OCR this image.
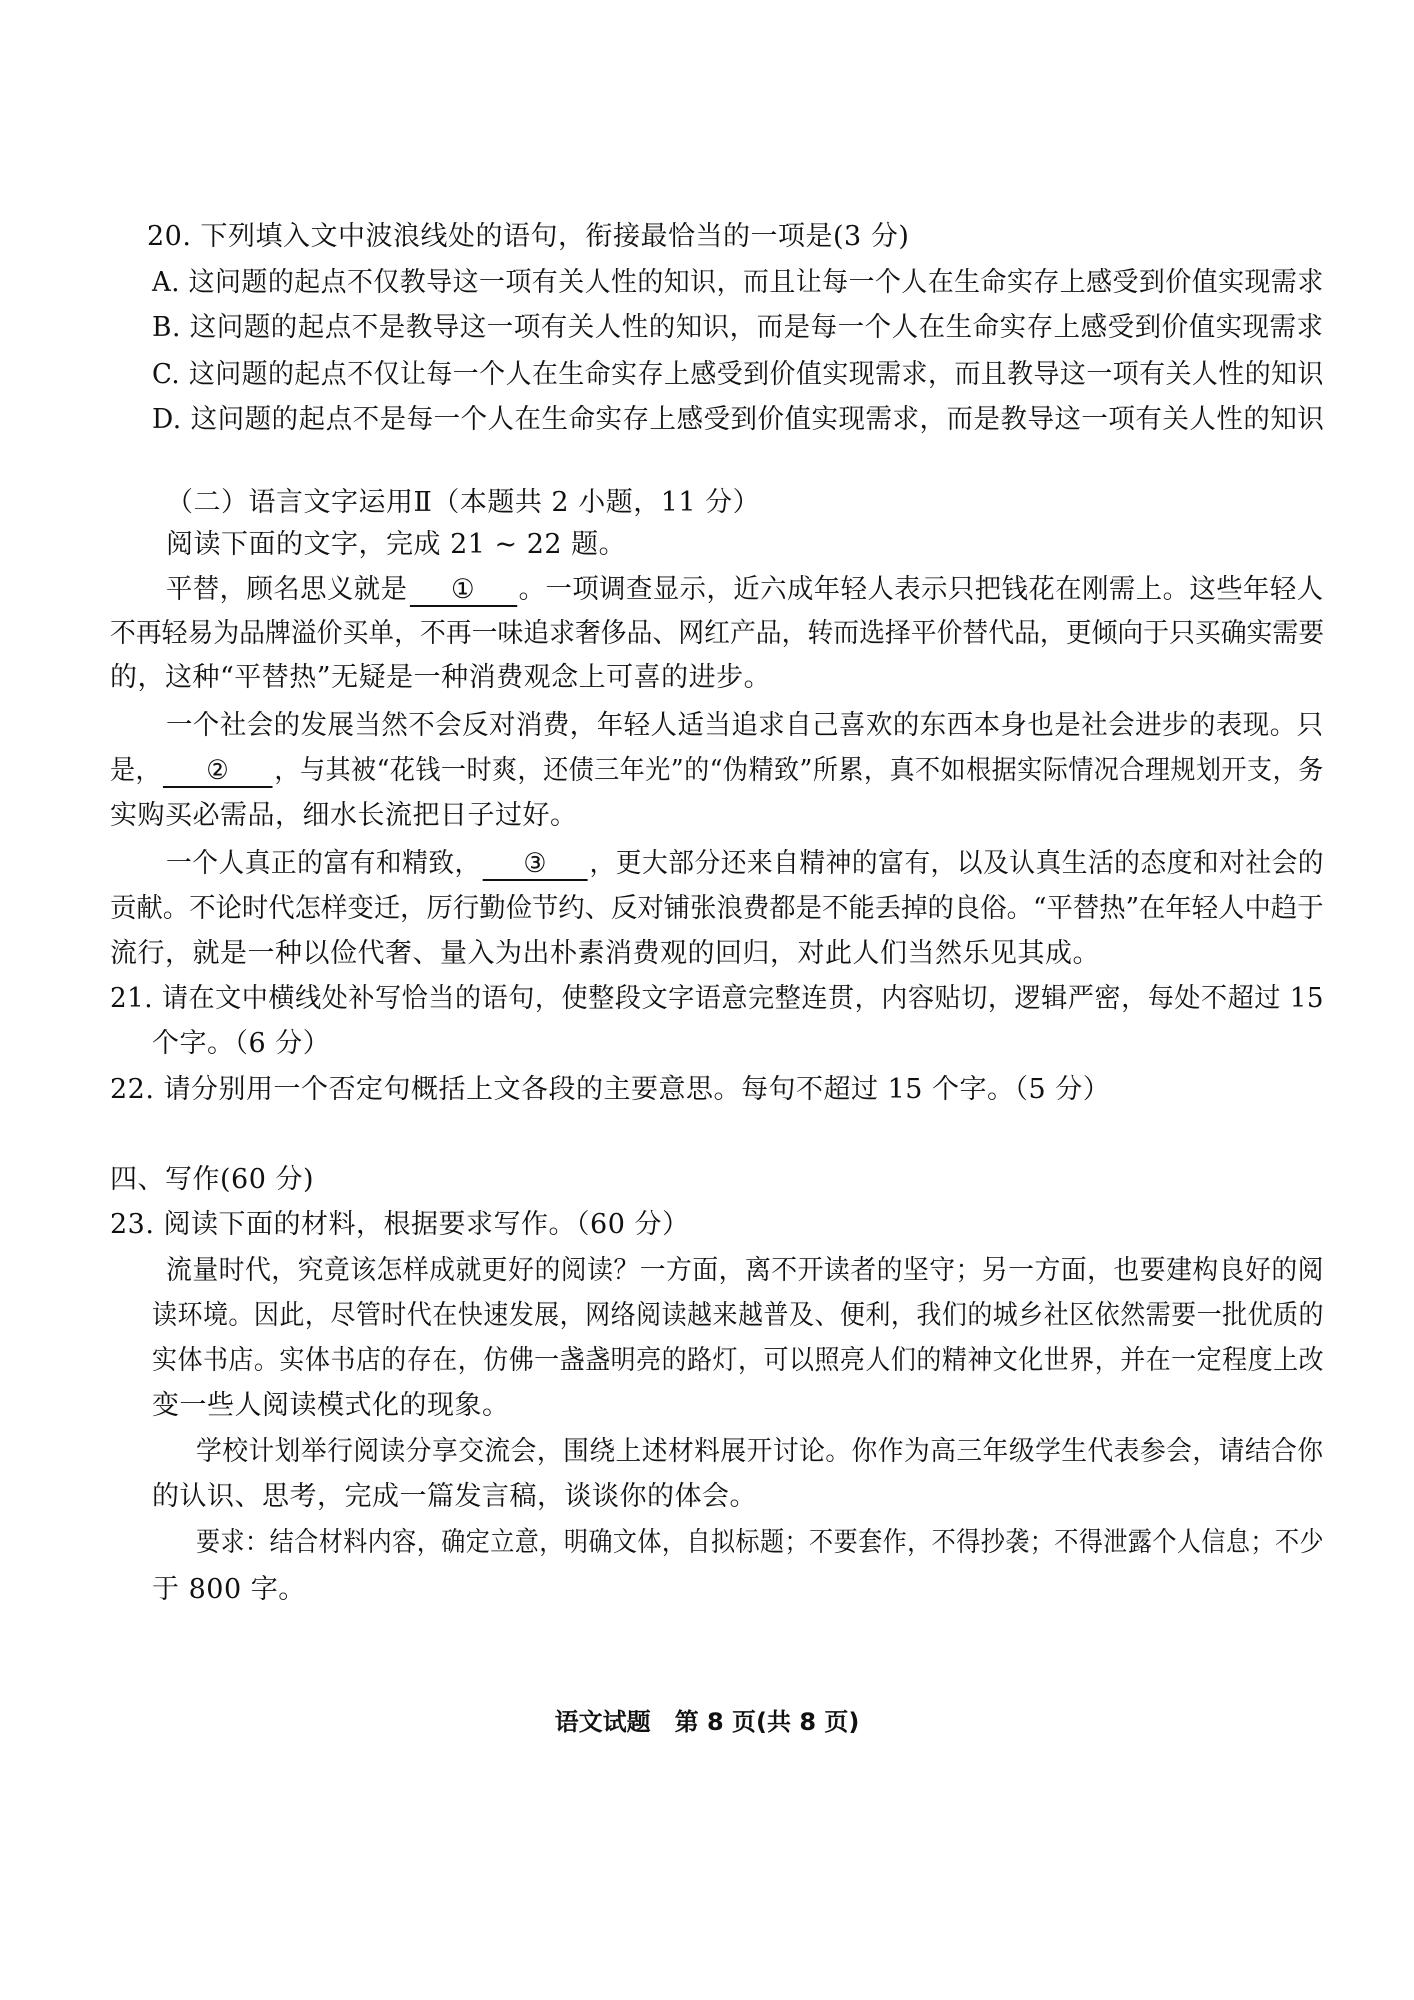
20. 下列填入文中波浪线处的语句，衔接最恰当的一项是(3 分)
A. 这问题的起点不仅教导这一项有关人性的知识，而且让每一个人在生命实存上感受到价值实现需求
B. 这问题的起点不是教导这一项有关人性的知识，而是每一个人在生命实存上感受到价值实现需求
C. 这问题的起点不仅让每一个人在生命实存上感受到价值实现需求，而且教导这一项有关人性的知识
D. 这问题的起点不是每一个人在生命实存上感受到价值实现需求，而是教导这一项有关人性的知识
（二）语言文字运用Ⅱ（本题共 2 小题，11 分）
阅读下面的文字，完成 21 ~ 22 题。
平替，顾名思义就是 ① 。一项调查显示，近六成年轻人表示只把钱花在刚需上。这些年轻人
不再轻易为品牌溢价买单，不再一味追求奢侈品、网红产品，转而选择平价替代品，更倾向于只买确实需要
的，这种“平替热”无疑是一种消费观念上可喜的进步。
一个社会的发展当然不会反对消费，年轻人适当追求自己喜欢的东西本身也是社会进步的表现。只
是， ② ，与其被“花钱一时爽，还债三年光”的“伪精致”所累，真不如根据实际情况合理规划开支，务
实购买必需品，细水长流把日子过好。
一个人真正的富有和精致， ③ ，更大部分还来自精神的富有，以及认真生活的态度和对社会的
贡献。不论时代怎样变迁，厉行勤俭节约、反对铺张浪费都是不能丢掉的良俗。“平替热”在年轻人中趋于
流行，就是一种以俭代奢、量入为出朴素消费观的回归，对此人们当然乐见其成。
21. 请在文中横线处补写恰当的语句，使整段文字语意完整连贯，内容贴切，逻辑严密，每处不超过 15
个字。（6 分）
22. 请分别用一个否定句概括上文各段的主要意思。每句不超过 15 个字。（5 分）
四、写作(60 分)
23. 阅读下面的材料，根据要求写作。（60 分）
流量时代，究竟该怎样成就更好的阅读？一方面，离不开读者的坚守；另一方面，也要建构良好的阅
读环境。因此，尽管时代在快速发展，网络阅读越来越普及、便利，我们的城乡社区依然需要一批优质的
实体书店。实体书店的存在，仿佛一盏盏明亮的路灯，可以照亮人们的精神文化世界，并在一定程度上改
变一些人阅读模式化的现象。
学校计划举行阅读分享交流会，围绕上述材料展开讨论。你作为高三年级学生代表参会，请结合你
的认识、思考，完成一篇发言稿，谈谈你的体会。
要求：结合材料内容，确定立意，明确文体，自拟标题；不要套作，不得抄袭；不得泄露个人信息；不少
于 800 字。
语文试题　第 8 页(共 8 页)
